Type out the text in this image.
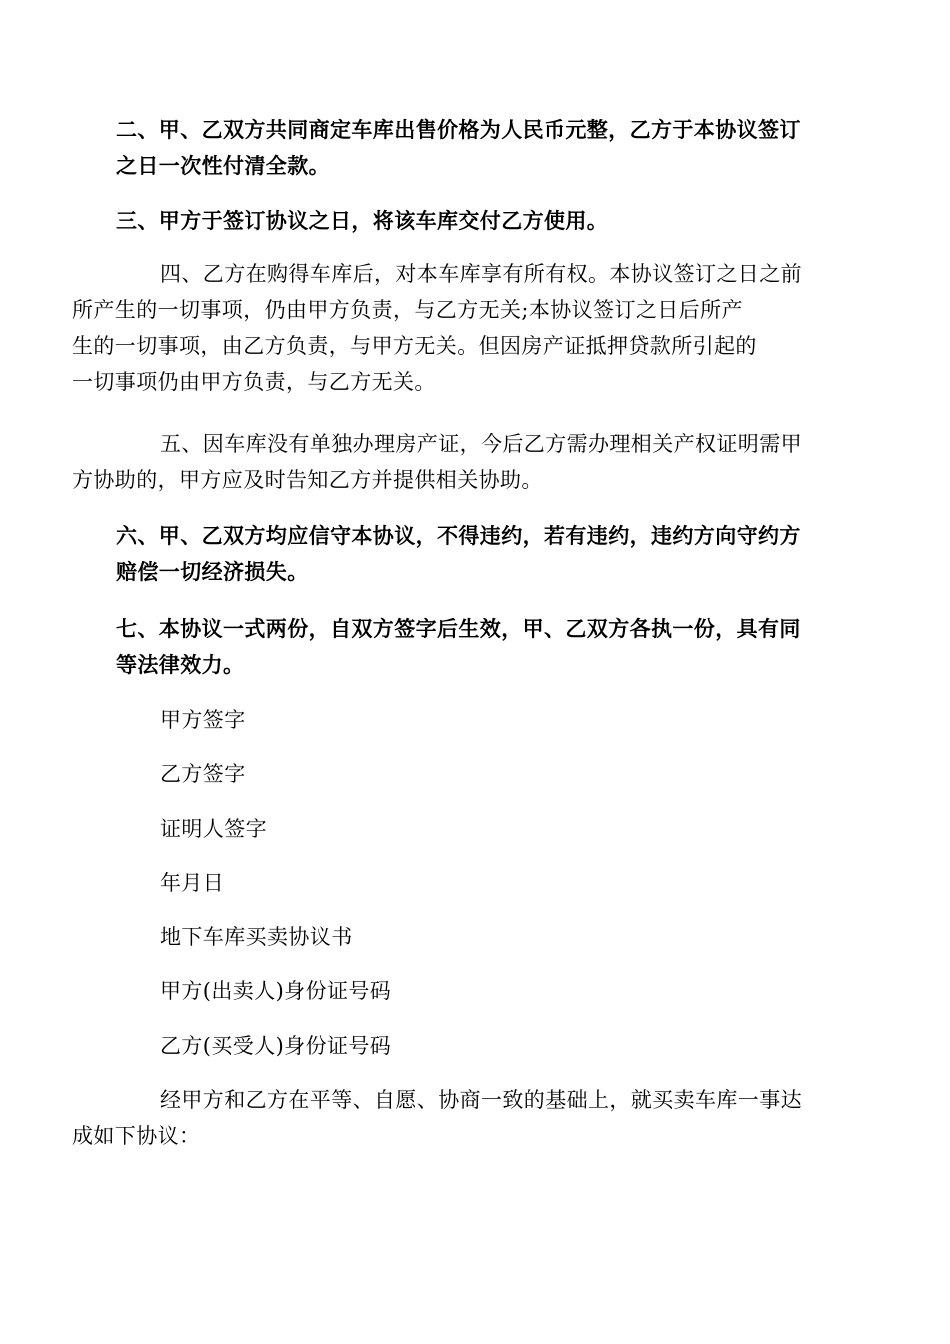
二、甲、乙双方共同商定车库出售价格为人民币元整，乙方于本协议签订
之日一次性付清全款。

三、甲方于签订协议之日，将该车库交付乙方使用。

四、乙方在购得车库后，对本车库享有所有权。本协议签订之日之前
所产生的一切事项，仍由甲方负责，与乙方无关;本协议签订之日后所产
生的一切事项，由乙方负责，与甲方无关。但因房产证抵押贷款所引起的
一切事项仍由甲方负责，与乙方无关。

五、因车库没有单独办理房产证，今后乙方需办理相关产权证明需甲
方协助的，甲方应及时告知乙方并提供相关协助。

六、甲、乙双方均应信守本协议，不得违约，若有违约，违约方向守约方
赔偿一切经济损失。

七、本协议一式两份，自双方签字后生效，甲、乙双方各执一份，具有同
等法律效力。

甲方签字

乙方签字

证明人签字

年月日

地下车库买卖协议书

甲方(出卖人)身份证号码

乙方(买受人)身份证号码

经甲方和乙方在平等、自愿、协商一致的基础上，就买卖车库一事达
成如下协议：
